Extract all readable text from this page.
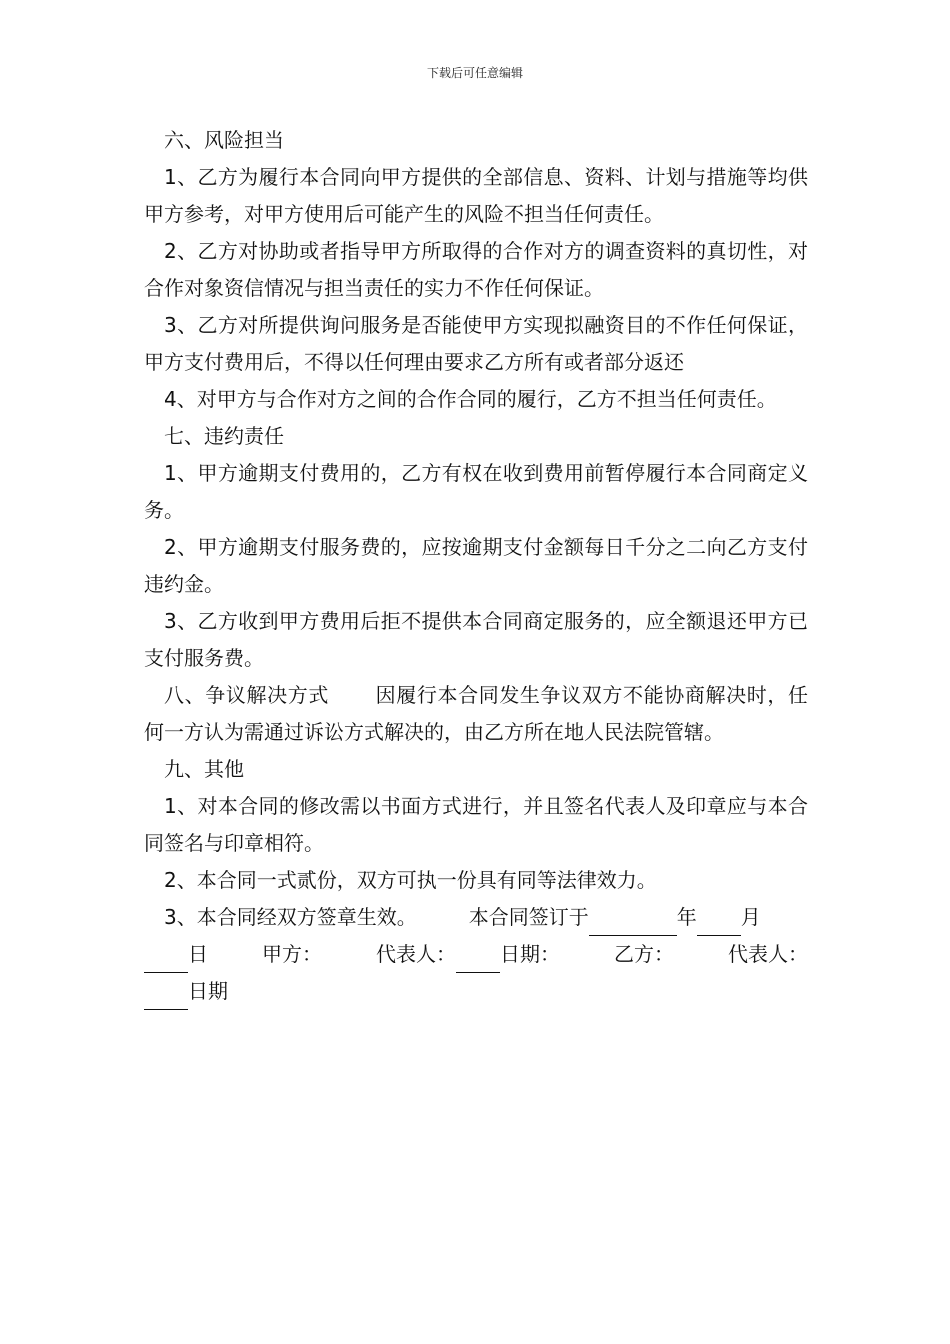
下载后可任意编辑

六、风险担当

1、乙方为履行本合同向甲方提供的全部信息、资料、计划与措施等均供甲方参考，对甲方使用后可能产生的风险不担当任何责任。

2、乙方对协助或者指导甲方所取得的合作对方的调查资料的真切性，对合作对象资信情况与担当责任的实力不作任何保证。

3、乙方对所提供询问服务是否能使甲方实现拟融资目的不作任何保证，甲方支付费用后，不得以任何理由要求乙方所有或者部分返还

4、对甲方与合作对方之间的合作合同的履行，乙方不担当任何责任。

七、违约责任

1、甲方逾期支付费用的，乙方有权在收到费用前暂停履行本合同商定义务。

2、甲方逾期支付服务费的，应按逾期支付金额每日千分之二向乙方支付违约金。

3、乙方收到甲方费用后拒不提供本合同商定服务的，应全额退还甲方已支付服务费。

八、争议解决方式 因履行本合同发生争议双方不能协商解决时，任何一方认为需通过诉讼方式解决的，由乙方所在地人民法院管辖。

九、其他

1、对本合同的修改需以书面方式进行，并且签名代表人及印章应与本合同签名与印章相符。

2、本合同一式贰份，双方可执一份具有同等法律效力。

3、本合同经双方签章生效。	本合同签订于	年 月

日	甲方：	代表人： 日期：	乙方：	代表人：

日期
